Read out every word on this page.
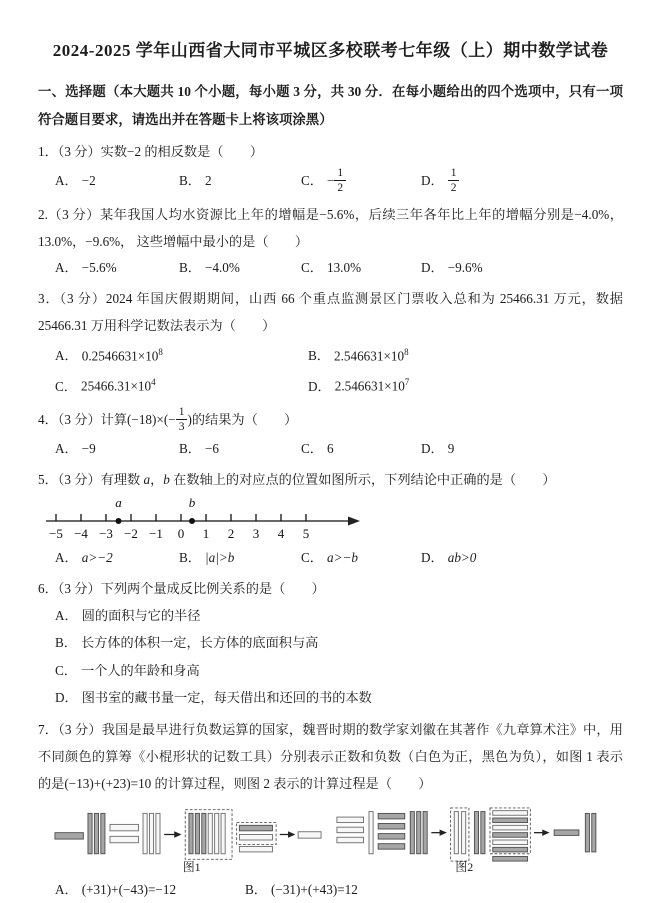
2024-2025 学年山西省大同市平城区多校联考七年级（上）期中数学试卷

一、选择题（本大题共 10 个小题，每小题 3 分，共 30 分．在每小题给出的四个选项中，只有一项符合题目要求，请选出并在答题卡上将该项涂黑）

1．（3 分）实数−2 的相反数是（　　）

A． −2	B． 2	C． − $\frac{1}{2}$	D． $\frac{1}{2}$

2.（3 分）某年我国人均水资源比上年的增幅是−5.6%，后续三年各年比上年的增幅分别是−4.0%，13.0%，−9.6%， 这些增幅中最小的是（　　）

A． −5.6%	B． −4.0%	C． 13.0%	D． −9.6%

3．（3 分）2024 年国庆假期期间，山西 66 个重点监测景区门票收入总和为 25466.31 万元，数据 25466.31 万用科学记数法表示为（　　）

A． $0.2546631\times 10^8$	B． $2.546631\times 10^8$
C． $25466.31\times 10^4$	D． $2.546631\times 10^7$

4．（3 分）计算$(-18)\times(- \frac{1}{3}$ )的结果为（　　）

A． −9	B． −6	C． 6	D． 9

5．（3 分）有理数 a，b 在数轴上的对应点的位置如图所示，下列结论中正确的是（　　）

−5 −4 −3 −2 −1 0 1 2 3 4 5
a	b
A． a>−2	B． |a|>b	C． a>−b	D． ab>0

6．（3 分）下列两个量成反比例关系的是（　　）

A． 圆的面积与它的半径
B． 长方体的体积一定，长方体的底面积与高
C． 一个人的年龄和身高
D． 图书室的藏书量一定，每天借出和还回的书的本数

7．（3 分）我国是最早进行负数运算的国家，魏晋时期的数学家刘徽在其著作《九章算术注》中，用不同颜色的算筹《小棍形状的记数工具）分别表示正数和负数（白色为正，黑色为负），如图 1 表示的是(−13)+(+23)=10 的计算过程，则图 2 表示的计算过程是（　　）

图1	图2
A． (+31)+(−43)=−12	B． (−31)+(+43)=12
